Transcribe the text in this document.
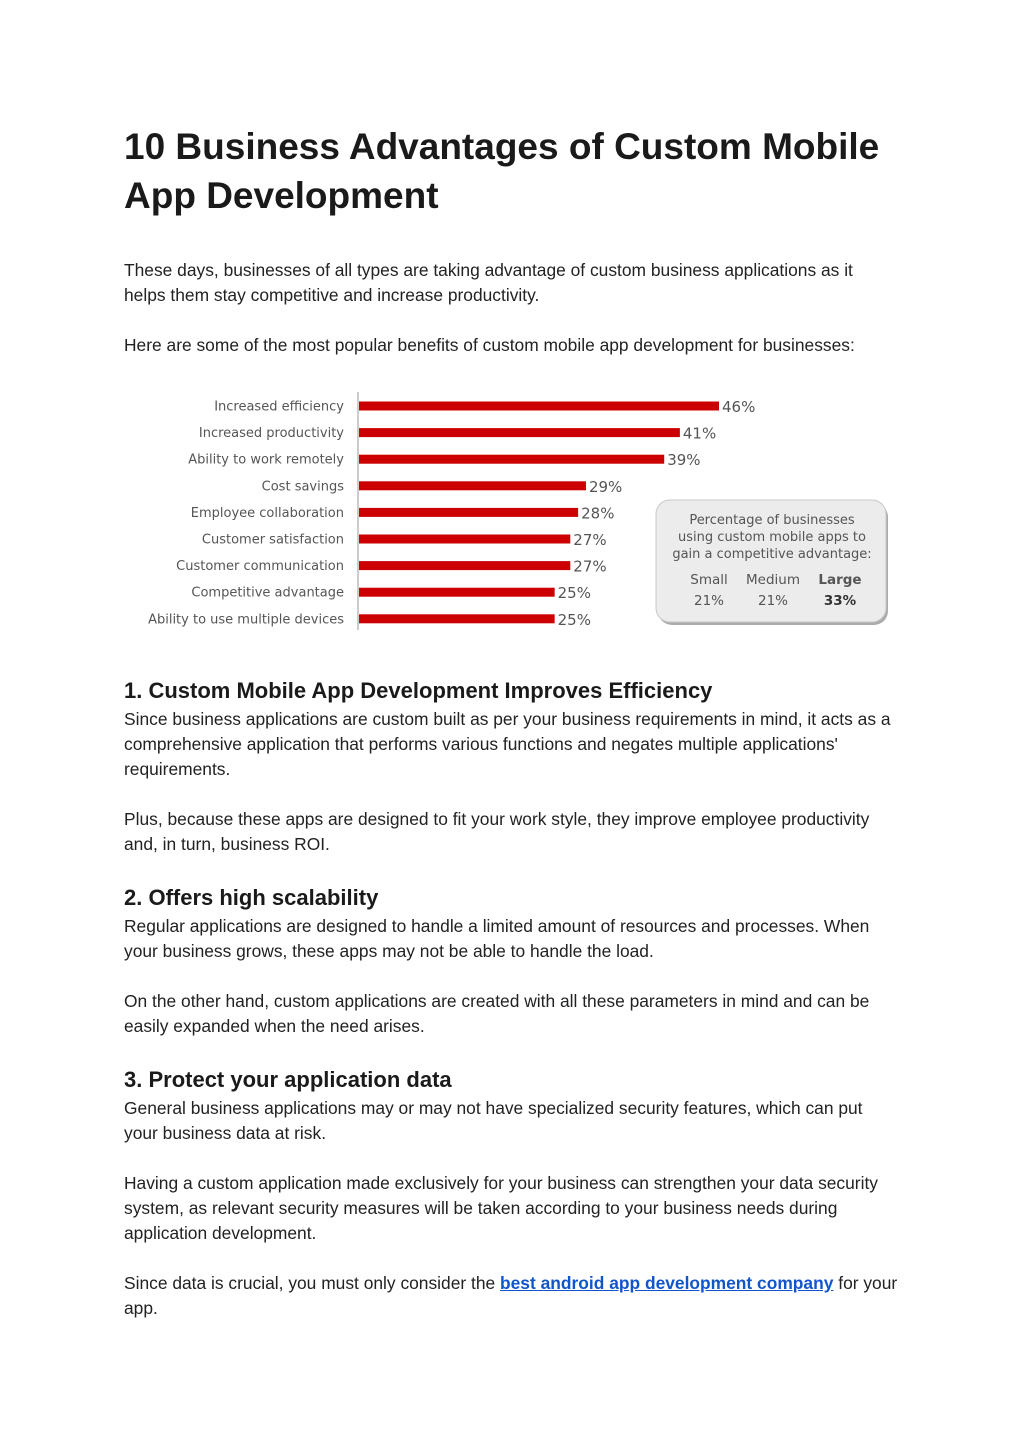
10 Business Advantages of Custom Mobile App Development

These days, businesses of all types are taking advantage of custom business applications as it helps them stay competitive and increase productivity.

Here are some of the most popular benefits of custom mobile app development for businesses:

1. Custom Mobile App Development Improves Efficiency

Since business applications are custom built as per your business requirements in mind, it acts as a comprehensive application that performs various functions and negates multiple applications' requirements.

Plus, because these apps are designed to fit your work style, they improve employee productivity and, in turn, business ROI.

2. Offers high scalability

Regular applications are designed to handle a limited amount of resources and processes. When your business grows, these apps may not be able to handle the load.

On the other hand, custom applications are created with all these parameters in mind and can be easily expanded when the need arises.

3. Protect your application data

General business applications may or may not have specialized security features, which can put your business data at risk.

Having a custom application made exclusively for your business can strengthen your data security system, as relevant security measures will be taken according to your business needs during application development.

Since data is crucial, you must only consider the best android app development company for your app.

Increased efficiency	46%
Increased productivity	41%
Ability to work remotely	39%
Cost savings	29%
Employee collaboration	28%
Customer satisfaction	27%
Customer communication	27%
Competitive advantage	25%
Ability to use multiple devices	25%
Percentage of businesses
using custom mobile apps to
gain a competitive advantage:
Small
21%
Medium
21%
Large
33%
